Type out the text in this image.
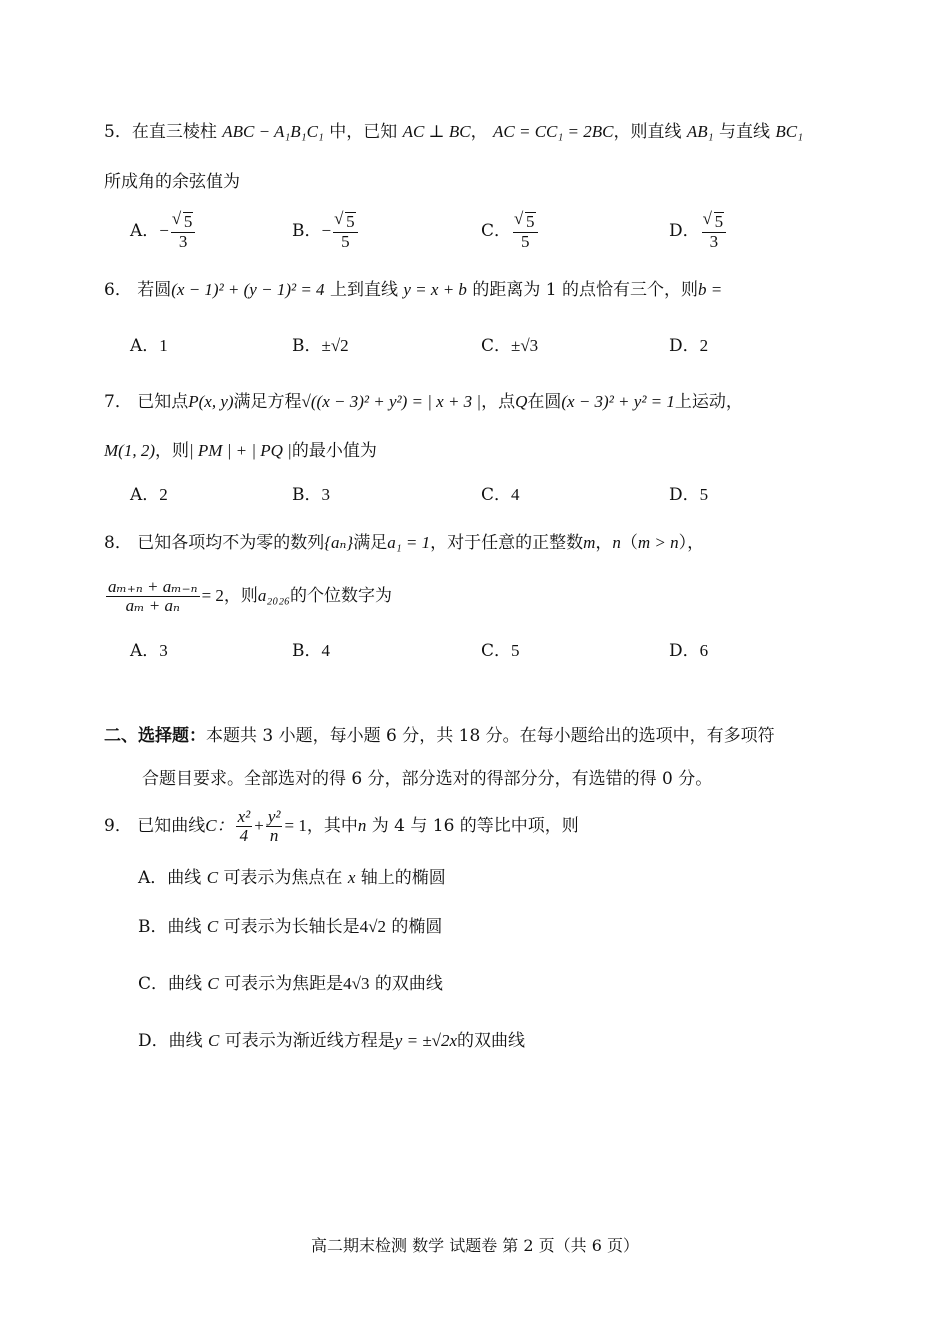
5．在直三棱柱 ABC − A₁B₁C₁ 中，已知 AC ⊥ BC， AC = CC₁ = 2BC，则直线 AB₁ 与直线 BC₁
所成角的余弦值为
A．− √ $\frac{5}{3}$	B．− √ $\frac{5}{5}$	C． √ $\frac{5}{5}$	D． √ $\frac{5}{3}$
6． 若圆(x − 1)² + (y − 1)² = 4 上到直线 y = x + b 的距离为 1 的点恰有三个，则b =
A．1	B．±√2	C．±√3	D．2
7． 已知点P(x, y)满足方程√((x − 3)² + y²) = | x + 3 |，点Q在圆(x − 3)² + y² = 1上运动，
M(1, 2)，则| PM | + | PQ |的最小值为
A．2	B．3	C．4	D．5
8． 已知各项均不为零的数列{aₙ}满足a₁ = 1，对于任意的正整数m，n（m > n），
$\frac{\text{aₘ₊ₙ + aₘ₋ₙ}}{\text{aₘ + aₙ}} = 2$，则a₂₀₂₆的个位数字为
A．3	B．4	C．5	D．6
二、选择题：本题共 3 小题，每小题 6 分，共 18 分。在每小题给出的选项中，有多项符
合题目要求。全部选对的得 6 分，部分选对的得部分分，有选错的得 0 分。
9． 已知曲线C： $\frac{\text{x²}}{4} + \frac{\text{y²}}{n} = 1$，其中n 为 4 与 16 的等比中项，则
A．曲线 C 可表示为焦点在 x 轴上的椭圆
B．曲线 C 可表示为长轴长是4√2 的椭圆
C．曲线 C 可表示为焦距是4√3 的双曲线
D．曲线 C 可表示为渐近线方程是y = ±√2x的双曲线
高二期末检测 数学 试题卷 第 2 页（共 6 页）
